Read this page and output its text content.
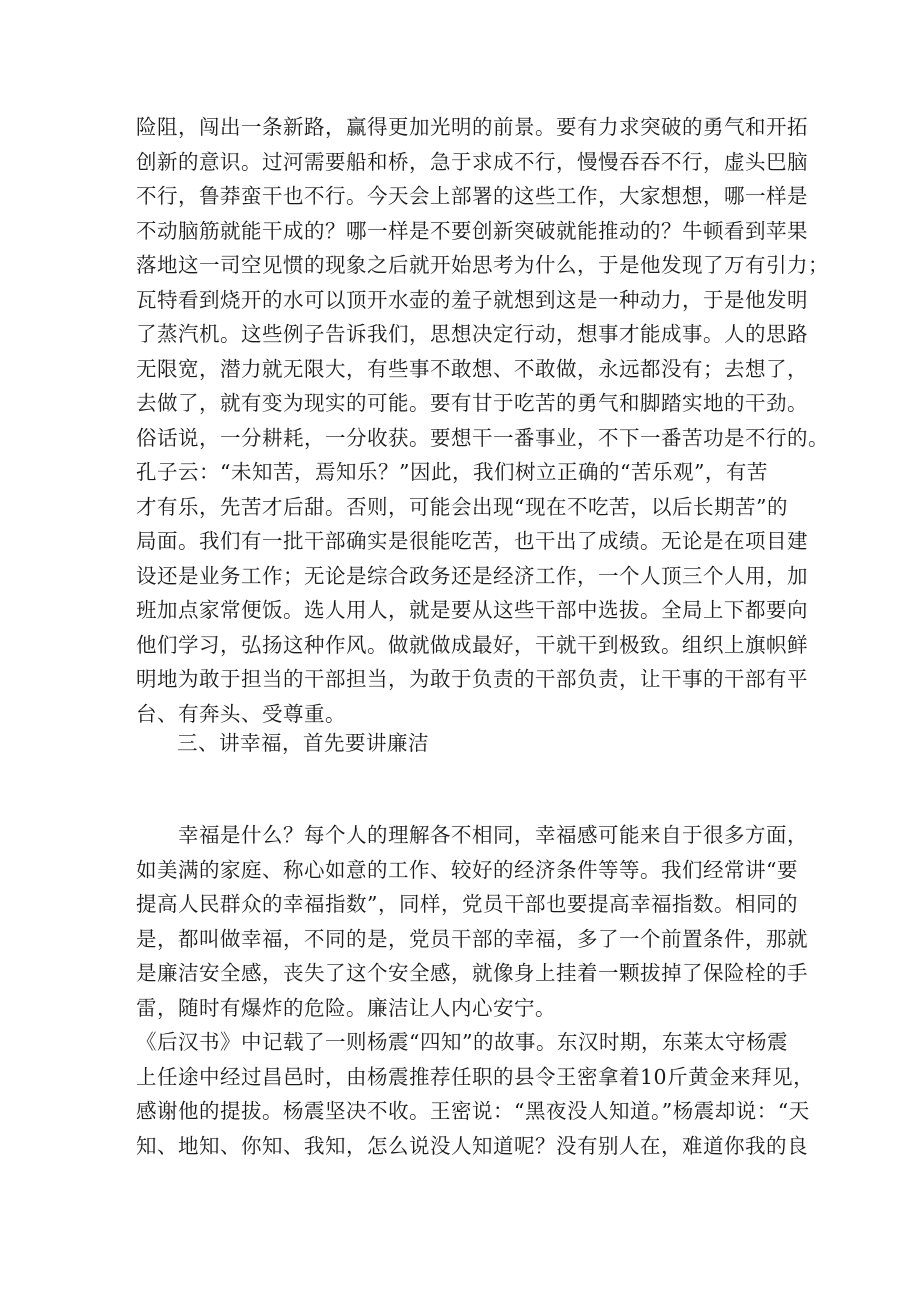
险阻，闯出一条新路，赢得更加光明的前景。要有力求突破的勇气和开拓
创新的意识。过河需要船和桥，急于求成不行，慢慢吞吞不行，虚头巴脑
不行，鲁莽蛮干也不行。今天会上部署的这些工作，大家想想，哪一样是
不动脑筋就能干成的？哪一样是不要创新突破就能推动的？牛顿看到苹果
落地这一司空见惯的现象之后就开始思考为什么，于是他发现了万有引力；
瓦特看到烧开的水可以顶开水壶的羞子就想到这是一种动力，于是他发明
了蒸汽机。这些例子告诉我们，思想决定行动，想事才能成事。人的思路
无限宽，潜力就无限大，有些事不敢想、不敢做，永远都没有；去想了，
去做了，就有变为现实的可能。要有甘于吃苦的勇气和脚踏实地的干劲。
俗话说，一分耕耗，一分收获。要想干一番事业，不下一番苦功是不行的。
孔子云：“未知苦，焉知乐？”因此，我们树立正确的“苦乐观”，有苦
才有乐，先苦才后甜。否则，可能会出现“现在不吃苦，以后长期苦”的
局面。我们有一批干部确实是很能吃苦，也干出了成绩。无论是在项目建
设还是业务工作；无论是综合政务还是经济工作，一个人顶三个人用，加
班加点家常便饭。选人用人，就是要从这些干部中选拔。全局上下都要向
他们学习，弘扬这种作风。做就做成最好，干就干到极致。组织上旗帜鲜
明地为敢于担当的干部担当，为敢于负责的干部负责，让干事的干部有平
台、有奔头、受尊重。
三、讲幸福，首先要讲廉洁
　　幸福是什么？每个人的理解各不相同，幸福感可能来自于很多方面，
如美满的家庭、称心如意的工作、较好的经济条件等等。我们经常讲“要
提高人民群众的幸福指数”，同样，党员干部也要提高幸福指数。相同的
是，都叫做幸福，不同的是，党员干部的幸福，多了一个前置条件，那就
是廉洁安全感，丧失了这个安全感，就像身上挂着一颗拔掉了保险栓的手
雷，随时有爆炸的危险。廉洁让人内心安宁。
《后汉书》中记载了一则杨震“四知”的故事。东汉时期，东莱太守杨震
上任途中经过昌邑时，由杨震推荐任职的县令王密拿着10斤黄金来拜见，
感谢他的提拔。杨震坚决不收。王密说：“黑夜没人知道。”杨震却说：“天
知、地知、你知、我知，怎么说没人知道呢？没有别人在，难道你我的良
